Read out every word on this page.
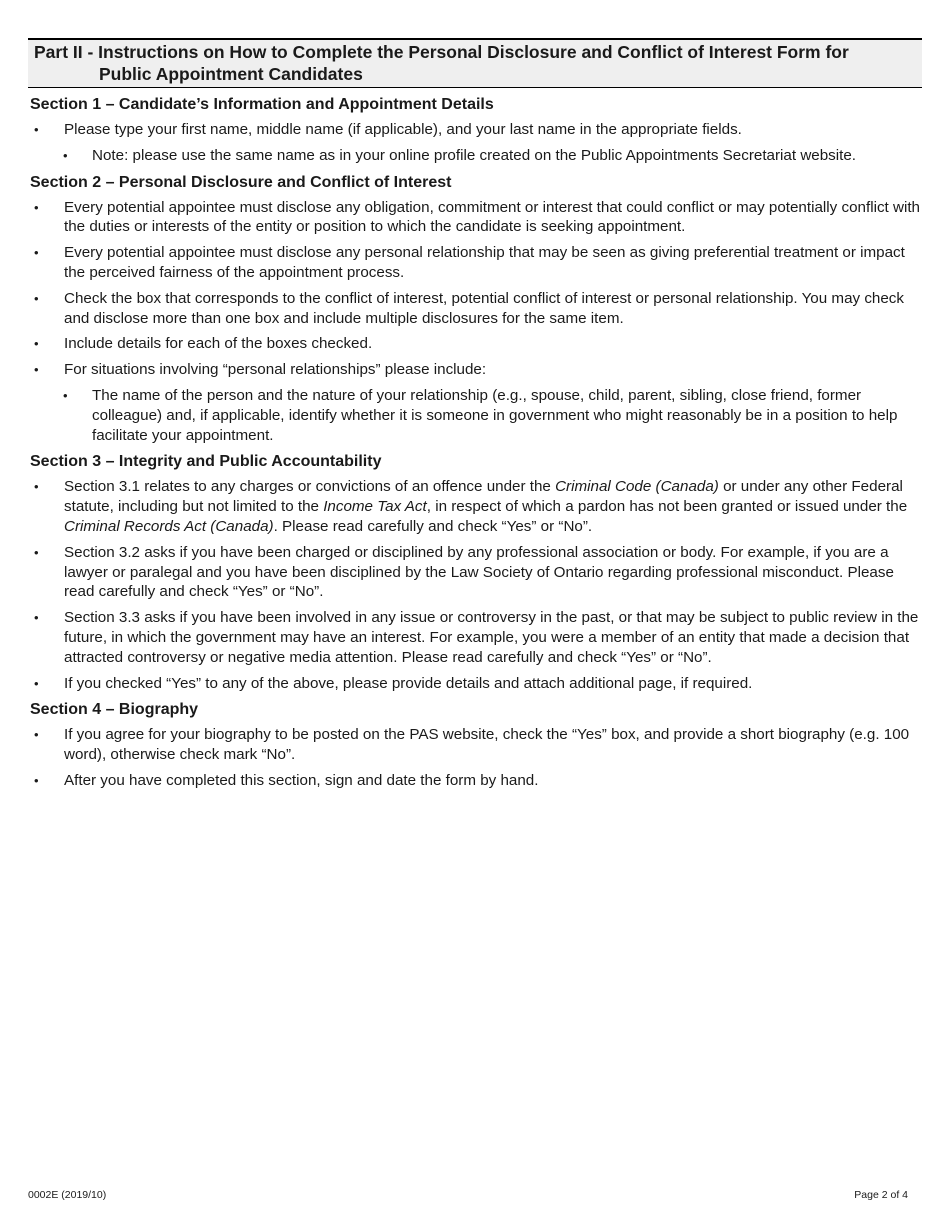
Part II - Instructions on How to Complete the Personal Disclosure and Conflict of Interest Form for
Public Appointment Candidates
Section 1 – Candidate’s Information and Appointment Details
• Please type your first name, middle name (if applicable), and your last name in the appropriate fields.
• Note: please use the same name as in your online profile created on the Public Appointments Secretariat website.
Section 2 – Personal Disclosure and Conflict of Interest
• Every potential appointee must disclose any obligation, commitment or interest that could conflict or may potentially conflict with the duties or interests of the entity or position to which the candidate is seeking appointment.
• Every potential appointee must disclose any personal relationship that may be seen as giving preferential treatment or impact the perceived fairness of the appointment process.
• Check the box that corresponds to the conflict of interest, potential conflict of interest or personal relationship. You may check and disclose more than one box and include multiple disclosures for the same item.
• Include details for each of the boxes checked.
• For situations involving “personal relationships” please include:
• The name of the person and the nature of your relationship (e.g., spouse, child, parent, sibling, close friend, former colleague) and, if applicable, identify whether it is someone in government who might reasonably be in a position to help facilitate your appointment.
Section 3 – Integrity and Public Accountability
• Section 3.1 relates to any charges or convictions of an offence under the Criminal Code (Canada) or under any other Federal statute, including but not limited to the Income Tax Act, in respect of which a pardon has not been granted or issued under the Criminal Records Act (Canada). Please read carefully and check “Yes” or “No”.
• Section 3.2 asks if you have been charged or disciplined by any professional association or body. For example, if you are a lawyer or paralegal and you have been disciplined by the Law Society of Ontario regarding professional misconduct. Please read carefully and check “Yes” or “No”.
• Section 3.3 asks if you have been involved in any issue or controversy in the past, or that may be subject to public review in the future, in which the government may have an interest. For example, you were a member of an entity that made a decision that attracted controversy or negative media attention. Please read carefully and check “Yes” or “No”.
• If you checked “Yes” to any of the above, please provide details and attach additional page, if required.
Section 4 – Biography
• If you agree for your biography to be posted on the PAS website, check the “Yes” box, and provide a short biography (e.g. 100 word), otherwise check mark “No”.
• After you have completed this section, sign and date the form by hand.
0002E (2019/10)	Page 2 of 4
